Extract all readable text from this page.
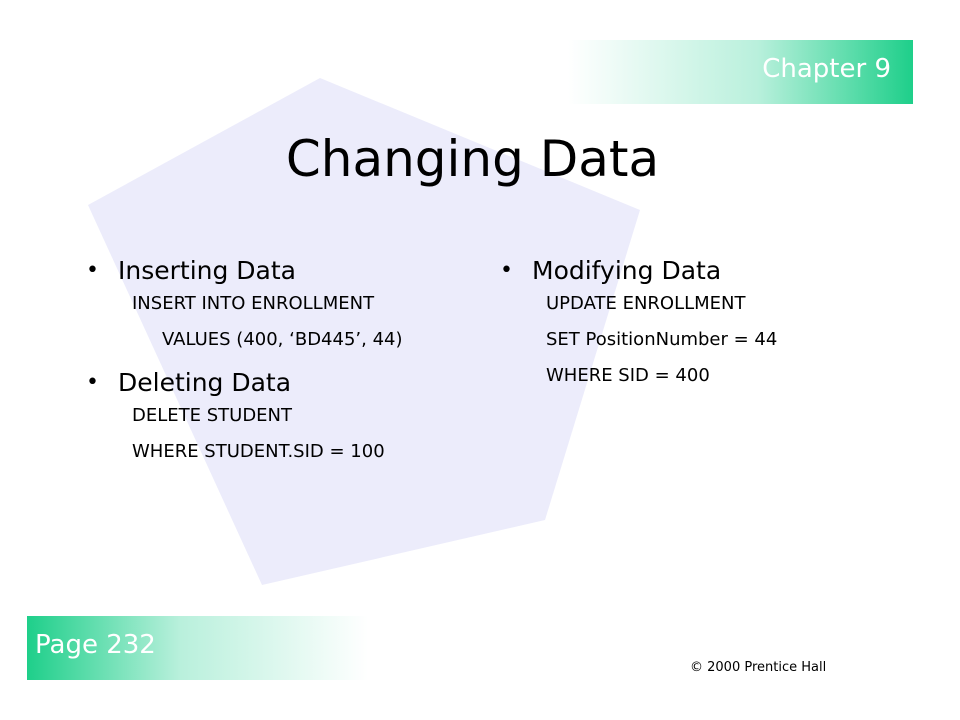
Chapter 9
Changing Data
• Inserting Data
INSERT INTO ENROLLMENT
VALUES (400, ‘BD445’, 44)
• Deleting Data
DELETE STUDENT
WHERE STUDENT.SID = 100
• Modifying Data
UPDATE ENROLLMENT
SET PositionNumber = 44
WHERE SID = 400
Page 232
© 2000 Prentice Hall
